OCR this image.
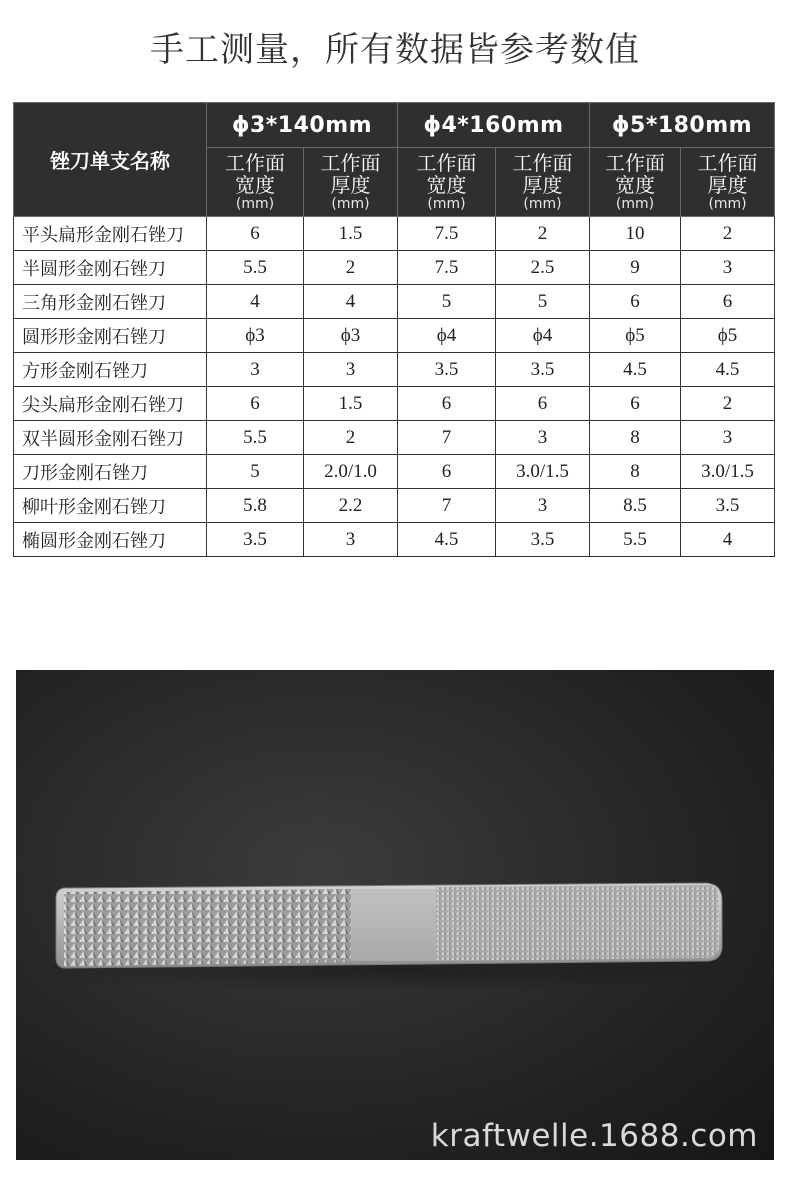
手工测量，所有数据皆参考数值
锉刀单支名称	ϕ3*140mm		ϕ4*160mm		ϕ5*180mm	

	工作面
宽度
(mm)	工作面
厚度
(mm)	工作面
宽度
(mm)	工作面
厚度
(mm)	工作面
宽度
(mm)	工作面
厚度
(mm)

平头扁形金刚石锉刀	6	1.5	7.5	2	10	2
半圆形金刚石锉刀	5.5	2	7.5	2.5	9	3
三角形金刚石锉刀	4	4	5	5	6	6
圆形形金刚石锉刀	ϕ3	ϕ3	ϕ4	ϕ4	ϕ5	ϕ5
方形金刚石锉刀	3	3	3.5	3.5	4.5	4.5
尖头扁形金刚石锉刀	6	1.5	6	6	6	2
双半圆形金刚石锉刀	5.5	2	7	3	8	3
刀形金刚石锉刀	5	2.0/1.0	6	3.0/1.5	8	3.0/1.5
柳叶形金刚石锉刀	5.8	2.2	7	3	8.5	3.5
椭圆形金刚石锉刀	3.5	3	4.5	3.5	5.5	4
kraftwelle.1688.com
